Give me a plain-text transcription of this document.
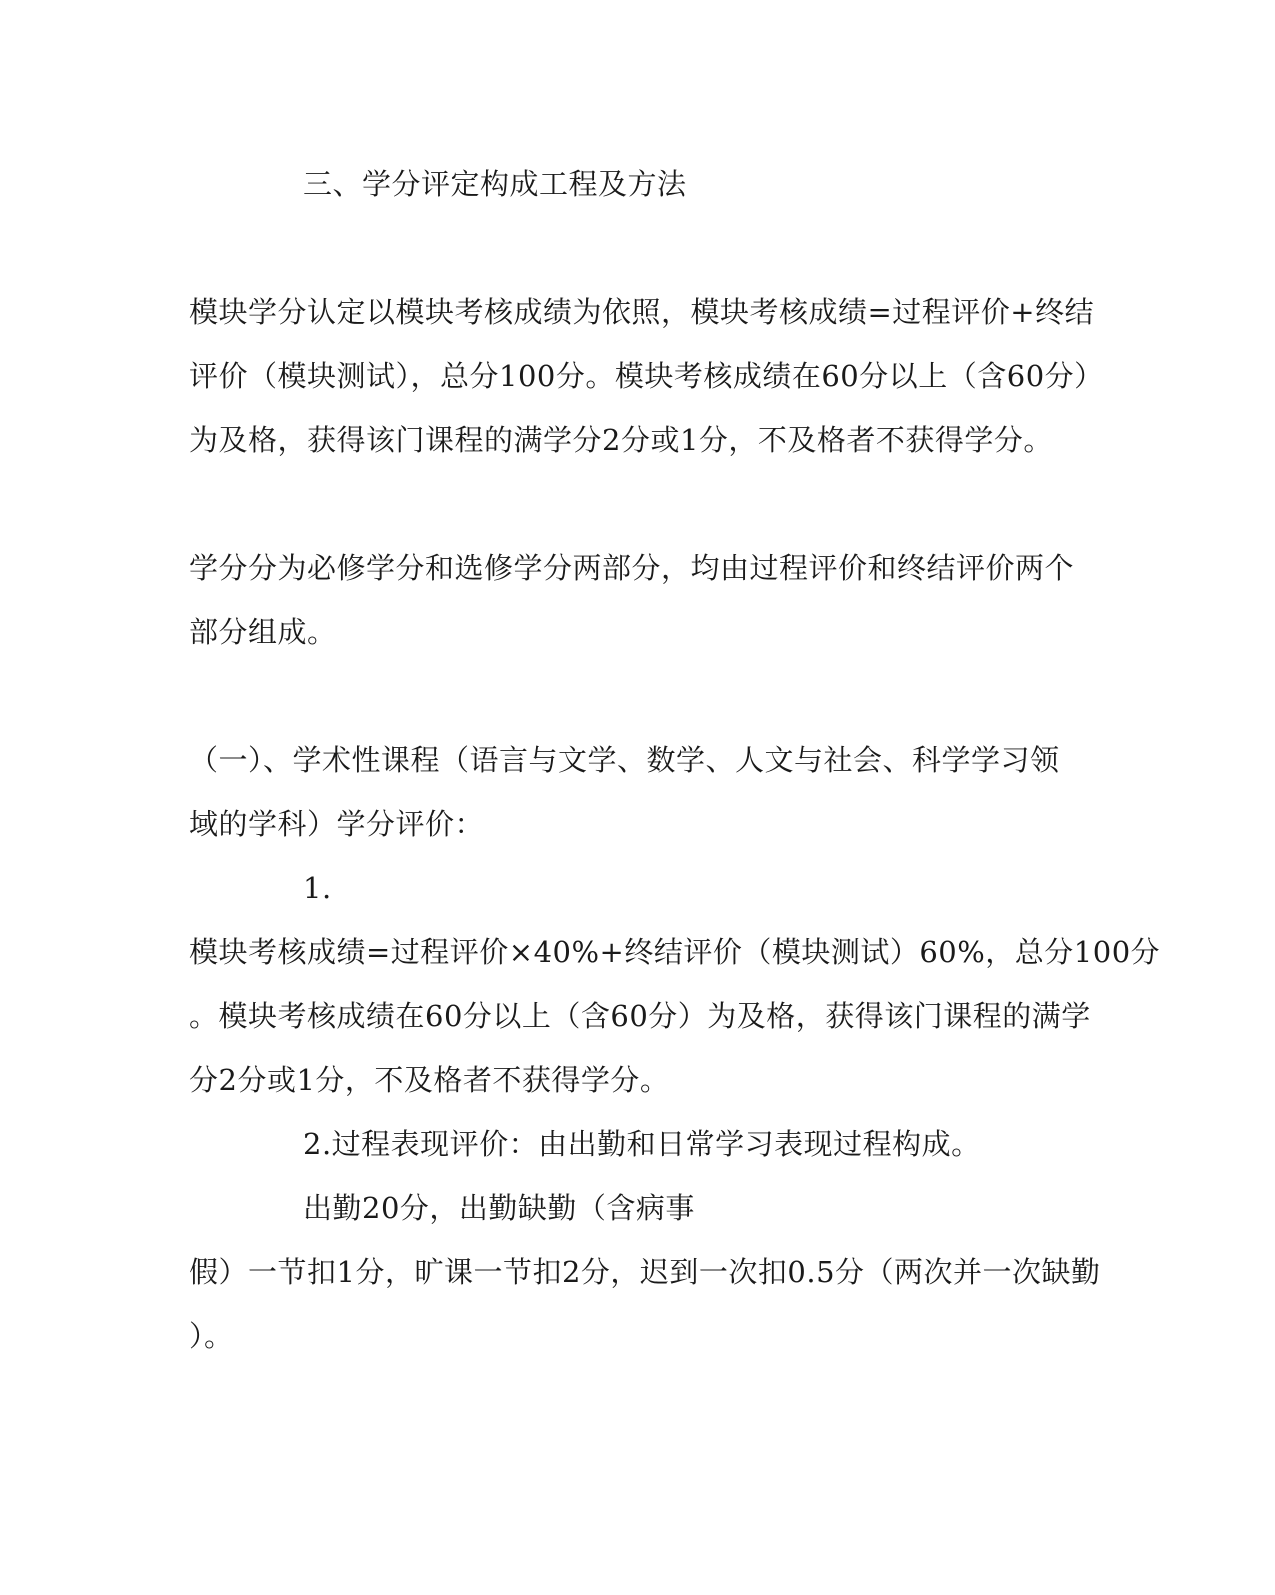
三、学分评定构成工程及方法
模块学分认定以模块考核成绩为依照，模块考核成绩=过程评价+终结
评价（模块测试），总分100分。模块考核成绩在60分以上（含60分）
为及格，获得该门课程的满学分2分或1分，不及格者不获得学分。
学分分为必修学分和选修学分两部分，均由过程评价和终结评价两个
部分组成。
（一）、学术性课程（语言与文学、数学、人文与社会、科学学习领
域的学科）学分评价：
1.
模块考核成绩=过程评价×40%+终结评价（模块测试）60%，总分100分
。模块考核成绩在60分以上（含60分）为及格，获得该门课程的满学
分2分或1分，不及格者不获得学分。
2.过程表现评价：由出勤和日常学习表现过程构成。
出勤20分，出勤缺勤（含病事
假）一节扣1分，旷课一节扣2分，迟到一次扣0.5分（两次并一次缺勤
）。
